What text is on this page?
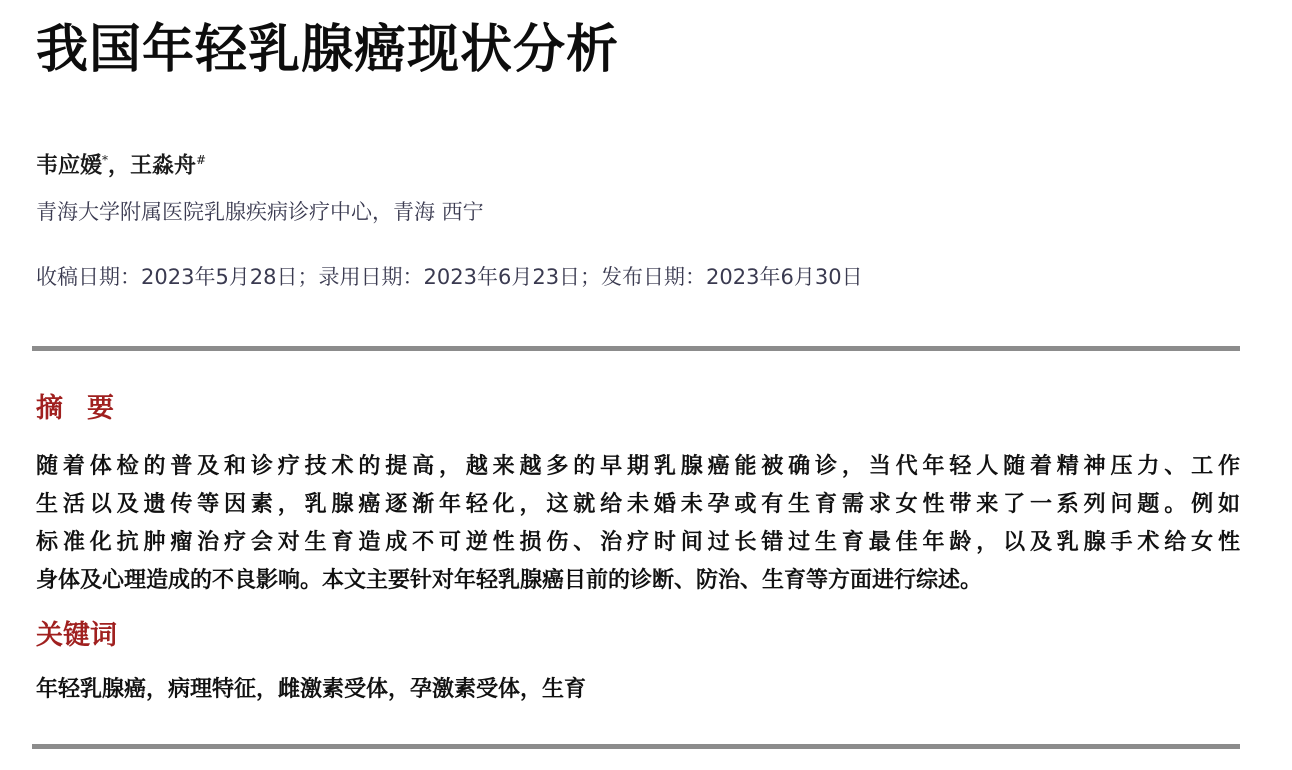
我国年轻乳腺癌现状分析
韦应媛*，王淼舟#
青海大学附属医院乳腺疾病诊疗中心，青海 西宁
收稿日期：2023年5月28日；录用日期：2023年6月23日；发布日期：2023年6月30日
摘要
随着体检的普及和诊疗技术的提高，越来越多的早期乳腺癌能被确诊，当代年轻人随着精神压力、工作
生活以及遗传等因素，乳腺癌逐渐年轻化，这就给未婚未孕或有生育需求女性带来了一系列问题。例如
标准化抗肿瘤治疗会对生育造成不可逆性损伤、治疗时间过长错过生育最佳年龄，以及乳腺手术给女性
身体及心理造成的不良影响。本文主要针对年轻乳腺癌目前的诊断、防治、生育等方面进行综述。
关键词
年轻乳腺癌，病理特征，雌激素受体，孕激素受体，生育
